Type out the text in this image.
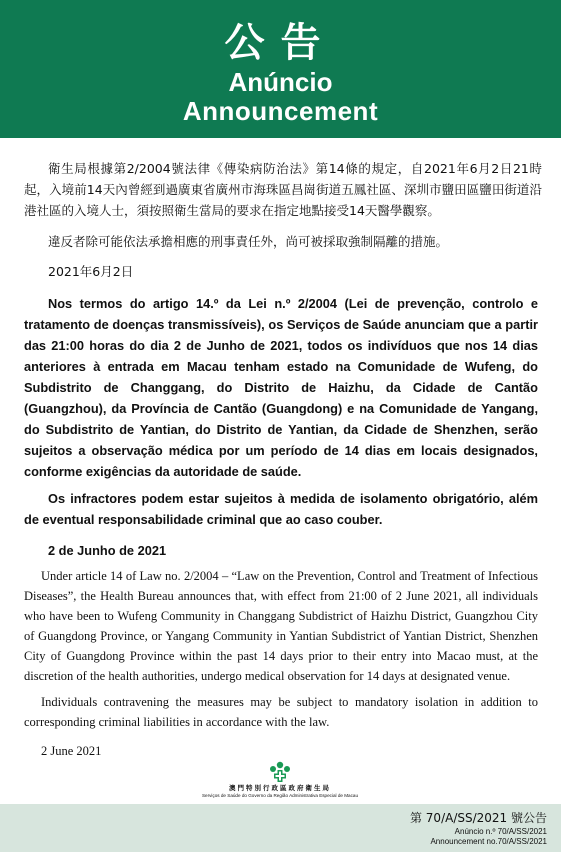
公告
Anúncio
Announcement

衛生局根據第2/2004號法律《傳染病防治法》第14條的規定，自2021年6月2日21時起，入境前14天內曾經到過廣東省廣州市海珠區昌崗街道五鳳社區、深圳市鹽田區鹽田街道沿港社區的入境人士，須按照衛生當局的要求在指定地點接受14天醫學觀察。

違反者除可能依法承擔相應的刑事責任外，尚可被採取強制隔離的措施。

2021年6月2日

Nos termos do artigo 14.º da Lei n.º 2/2004 (Lei de prevenção, controlo e tratamento de doenças transmissíveis), os Serviços de Saúde anunciam que a partir das 21:00 horas do dia 2 de Junho de 2021, todos os indivíduos que nos 14 dias anteriores à entrada em Macau tenham estado na Comunidade de Wufeng, do Subdistrito de Changgang, do Distrito de Haizhu, da Cidade de Cantão (Guangzhou), da Província de Cantão (Guangdong) e na Comunidade de Yangang, do Subdistrito de Yantian, do Distrito de Yantian, da Cidade de Shenzhen, serão sujeitos a observação médica por um período de 14 dias em locais designados, conforme exigências da autoridade de saúde.

Os infractores podem estar sujeitos à medida de isolamento obrigatório, além de eventual responsabilidade criminal que ao caso couber.

2 de Junho de 2021

Under article 14 of Law no. 2/2004 – “Law on the Prevention, Control and Treatment of Infectious Diseases”, the Health Bureau announces that, with effect from 21:00 of 2 June 2021, all individuals who have been to Wufeng Community in Changgang Subdistrict of Haizhu District, Guangzhou City of Guangdong Province, or Yangang Community in Yantian Subdistrict of Yantian District, Shenzhen City of Guangdong Province within the past 14 days prior to their entry into Macao must, at the discretion of the health authorities, undergo medical observation for 14 days at designated venue.

Individuals contravening the measures may be subject to mandatory isolation in addition to corresponding criminal liabilities in accordance with the law.

2 June 2021

澳門特別行政區政府衛生局
Serviços de Saúde do Governo da Região Administrativa Especial de Macau
第 70/A/SS/2021 號公告
Anúncio n.º 70/A/SS/2021
Announcement no.70/A/SS/2021
